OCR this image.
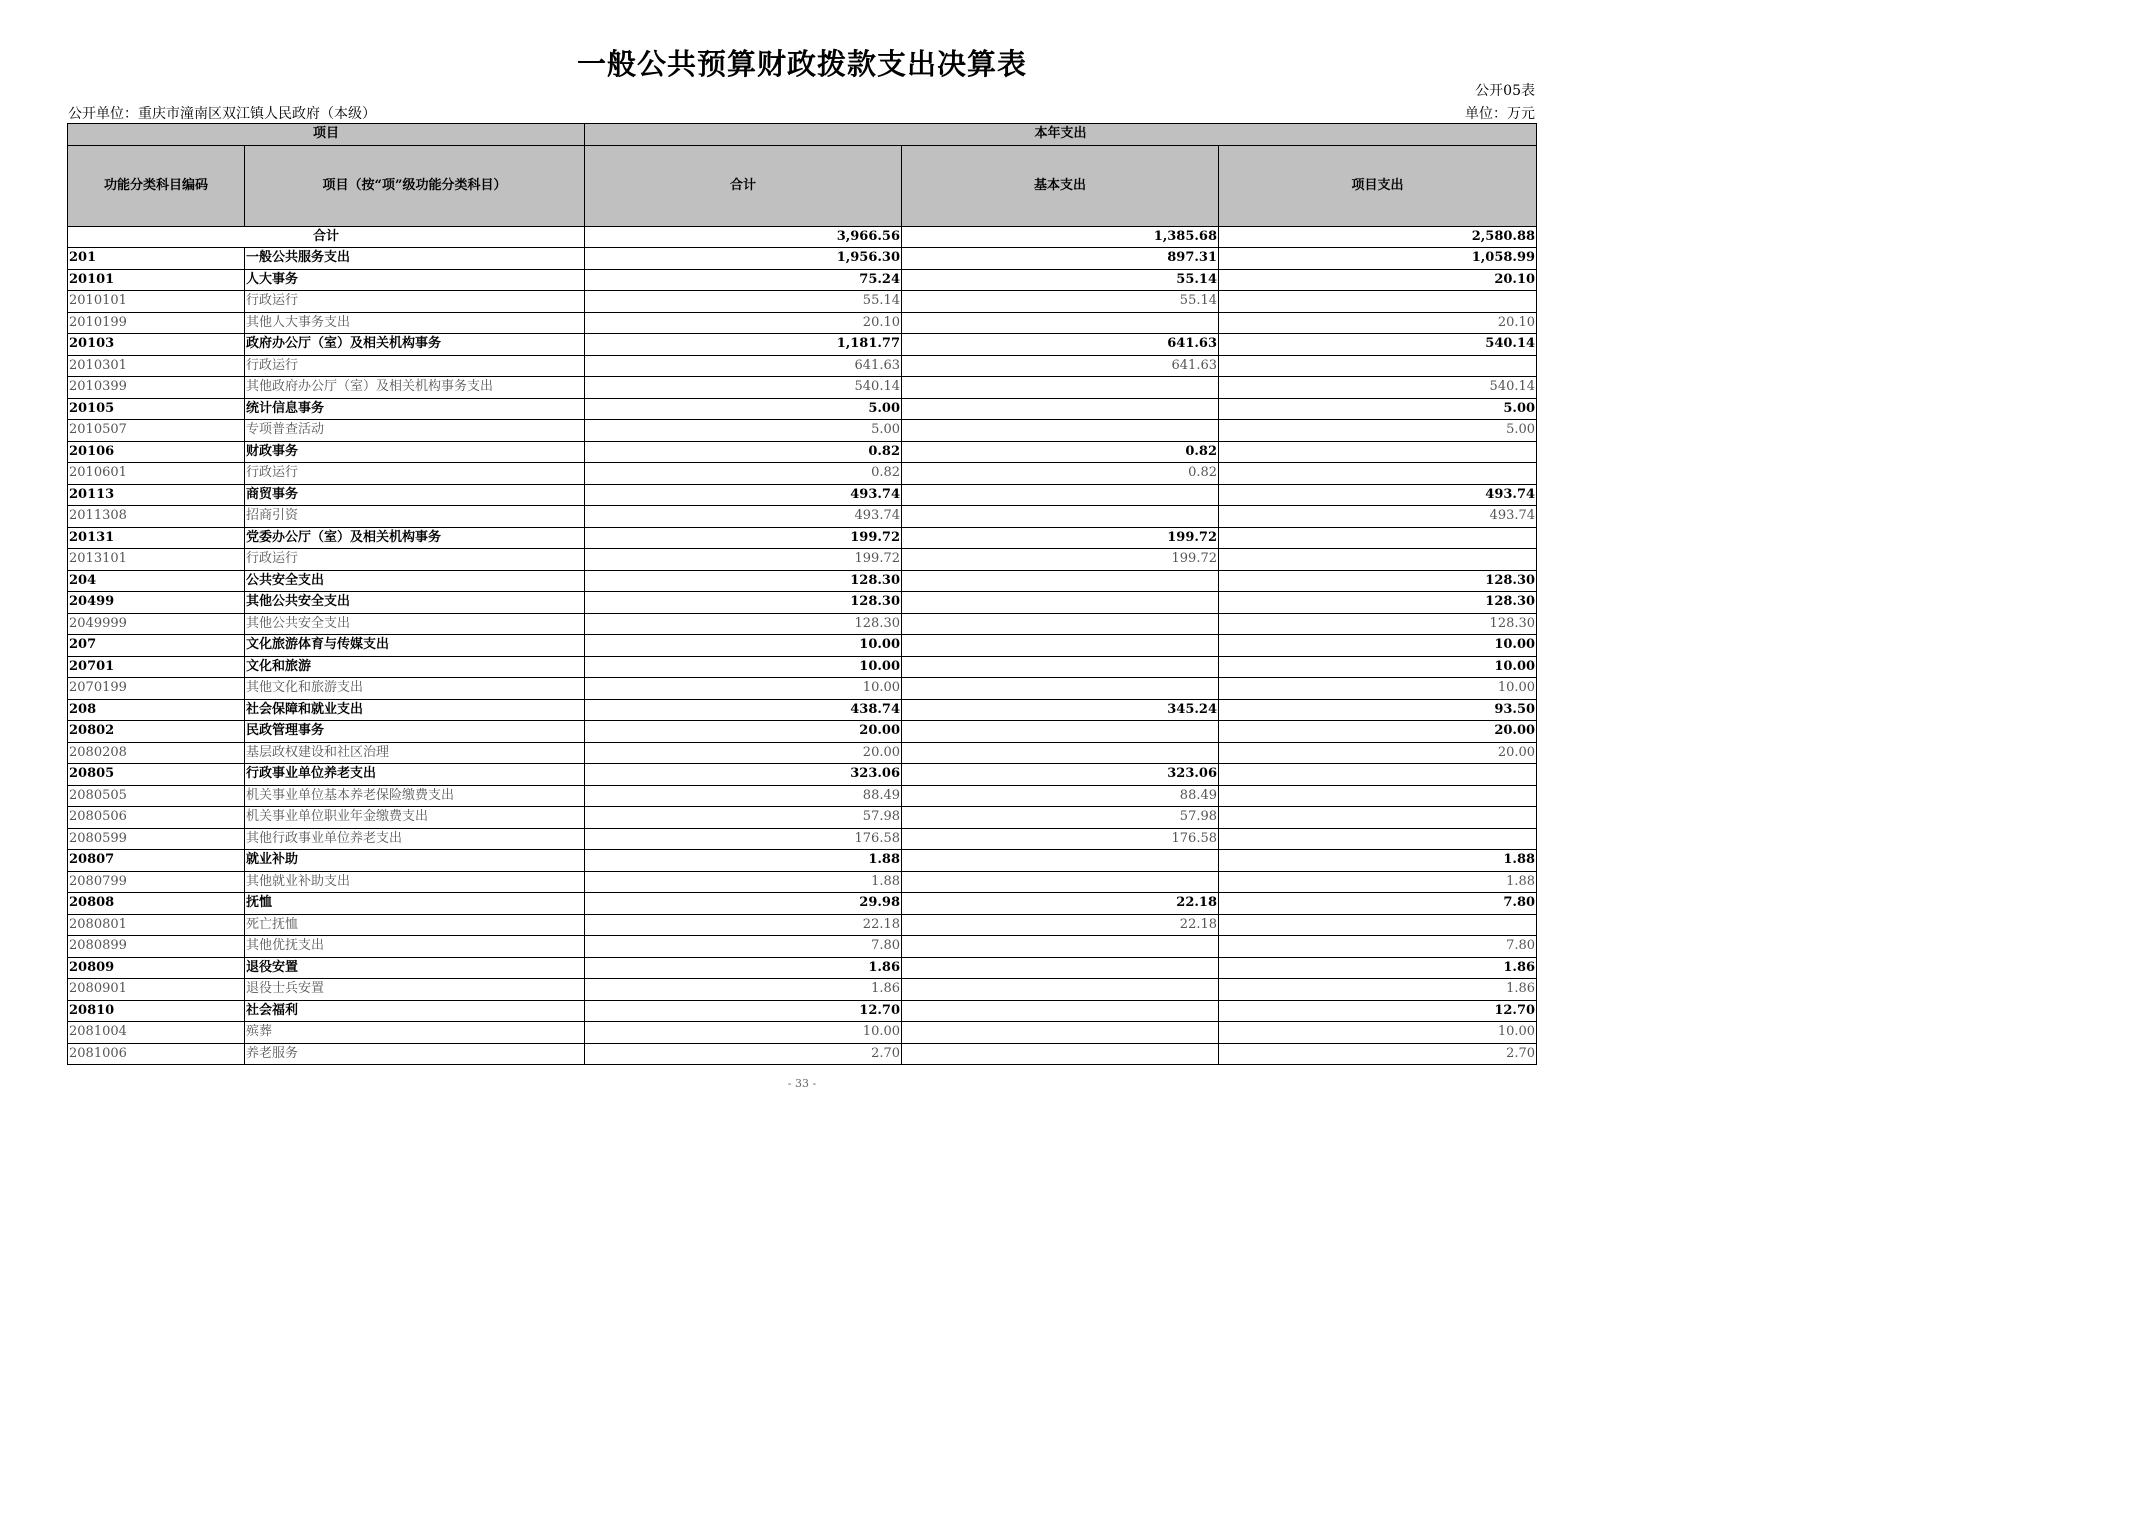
一般公共预算财政拨款支出决算表
公开05表
公开单位：重庆市潼南区双江镇人民政府（本级）	单位：万元
项目		本年支出		
功能分类科目编码	项目（按“项”级功能分类科目）	合计	基本支出	项目支出
合计		3,966.56	1,385.68	2,580.88
201	一般公共服务支出	1,956.30	897.31	1,058.99
20101	人大事务	75.24	55.14	20.10
2010101	行政运行	55.14	55.14	
2010199	其他人大事务支出	20.10		20.10
20103	政府办公厅（室）及相关机构事务	1,181.77	641.63	540.14
2010301	行政运行	641.63	641.63	
2010399	其他政府办公厅（室）及相关机构事务支出	540.14		540.14
20105	统计信息事务	5.00		5.00
2010507	专项普查活动	5.00		5.00
20106	财政事务	0.82	0.82	
2010601	行政运行	0.82	0.82	
20113	商贸事务	493.74		493.74
2011308	招商引资	493.74		493.74
20131	党委办公厅（室）及相关机构事务	199.72	199.72	
2013101	行政运行	199.72	199.72	
204	公共安全支出	128.30		128.30
20499	其他公共安全支出	128.30		128.30
2049999	其他公共安全支出	128.30		128.30
207	文化旅游体育与传媒支出	10.00		10.00
20701	文化和旅游	10.00		10.00
2070199	其他文化和旅游支出	10.00		10.00
208	社会保障和就业支出	438.74	345.24	93.50
20802	民政管理事务	20.00		20.00
2080208	基层政权建设和社区治理	20.00		20.00
20805	行政事业单位养老支出	323.06	323.06	
2080505	机关事业单位基本养老保险缴费支出	88.49	88.49	
2080506	机关事业单位职业年金缴费支出	57.98	57.98	
2080599	其他行政事业单位养老支出	176.58	176.58	
20807	就业补助	1.88		1.88
2080799	其他就业补助支出	1.88		1.88
20808	抚恤	29.98	22.18	7.80
2080801	死亡抚恤	22.18	22.18	
2080899	其他优抚支出	7.80		7.80
20809	退役安置	1.86		1.86
2080901	退役士兵安置	1.86		1.86
20810	社会福利	12.70		12.70
2081004	殡葬	10.00		10.00
2081006	养老服务	2.70		2.70
- 33 -
